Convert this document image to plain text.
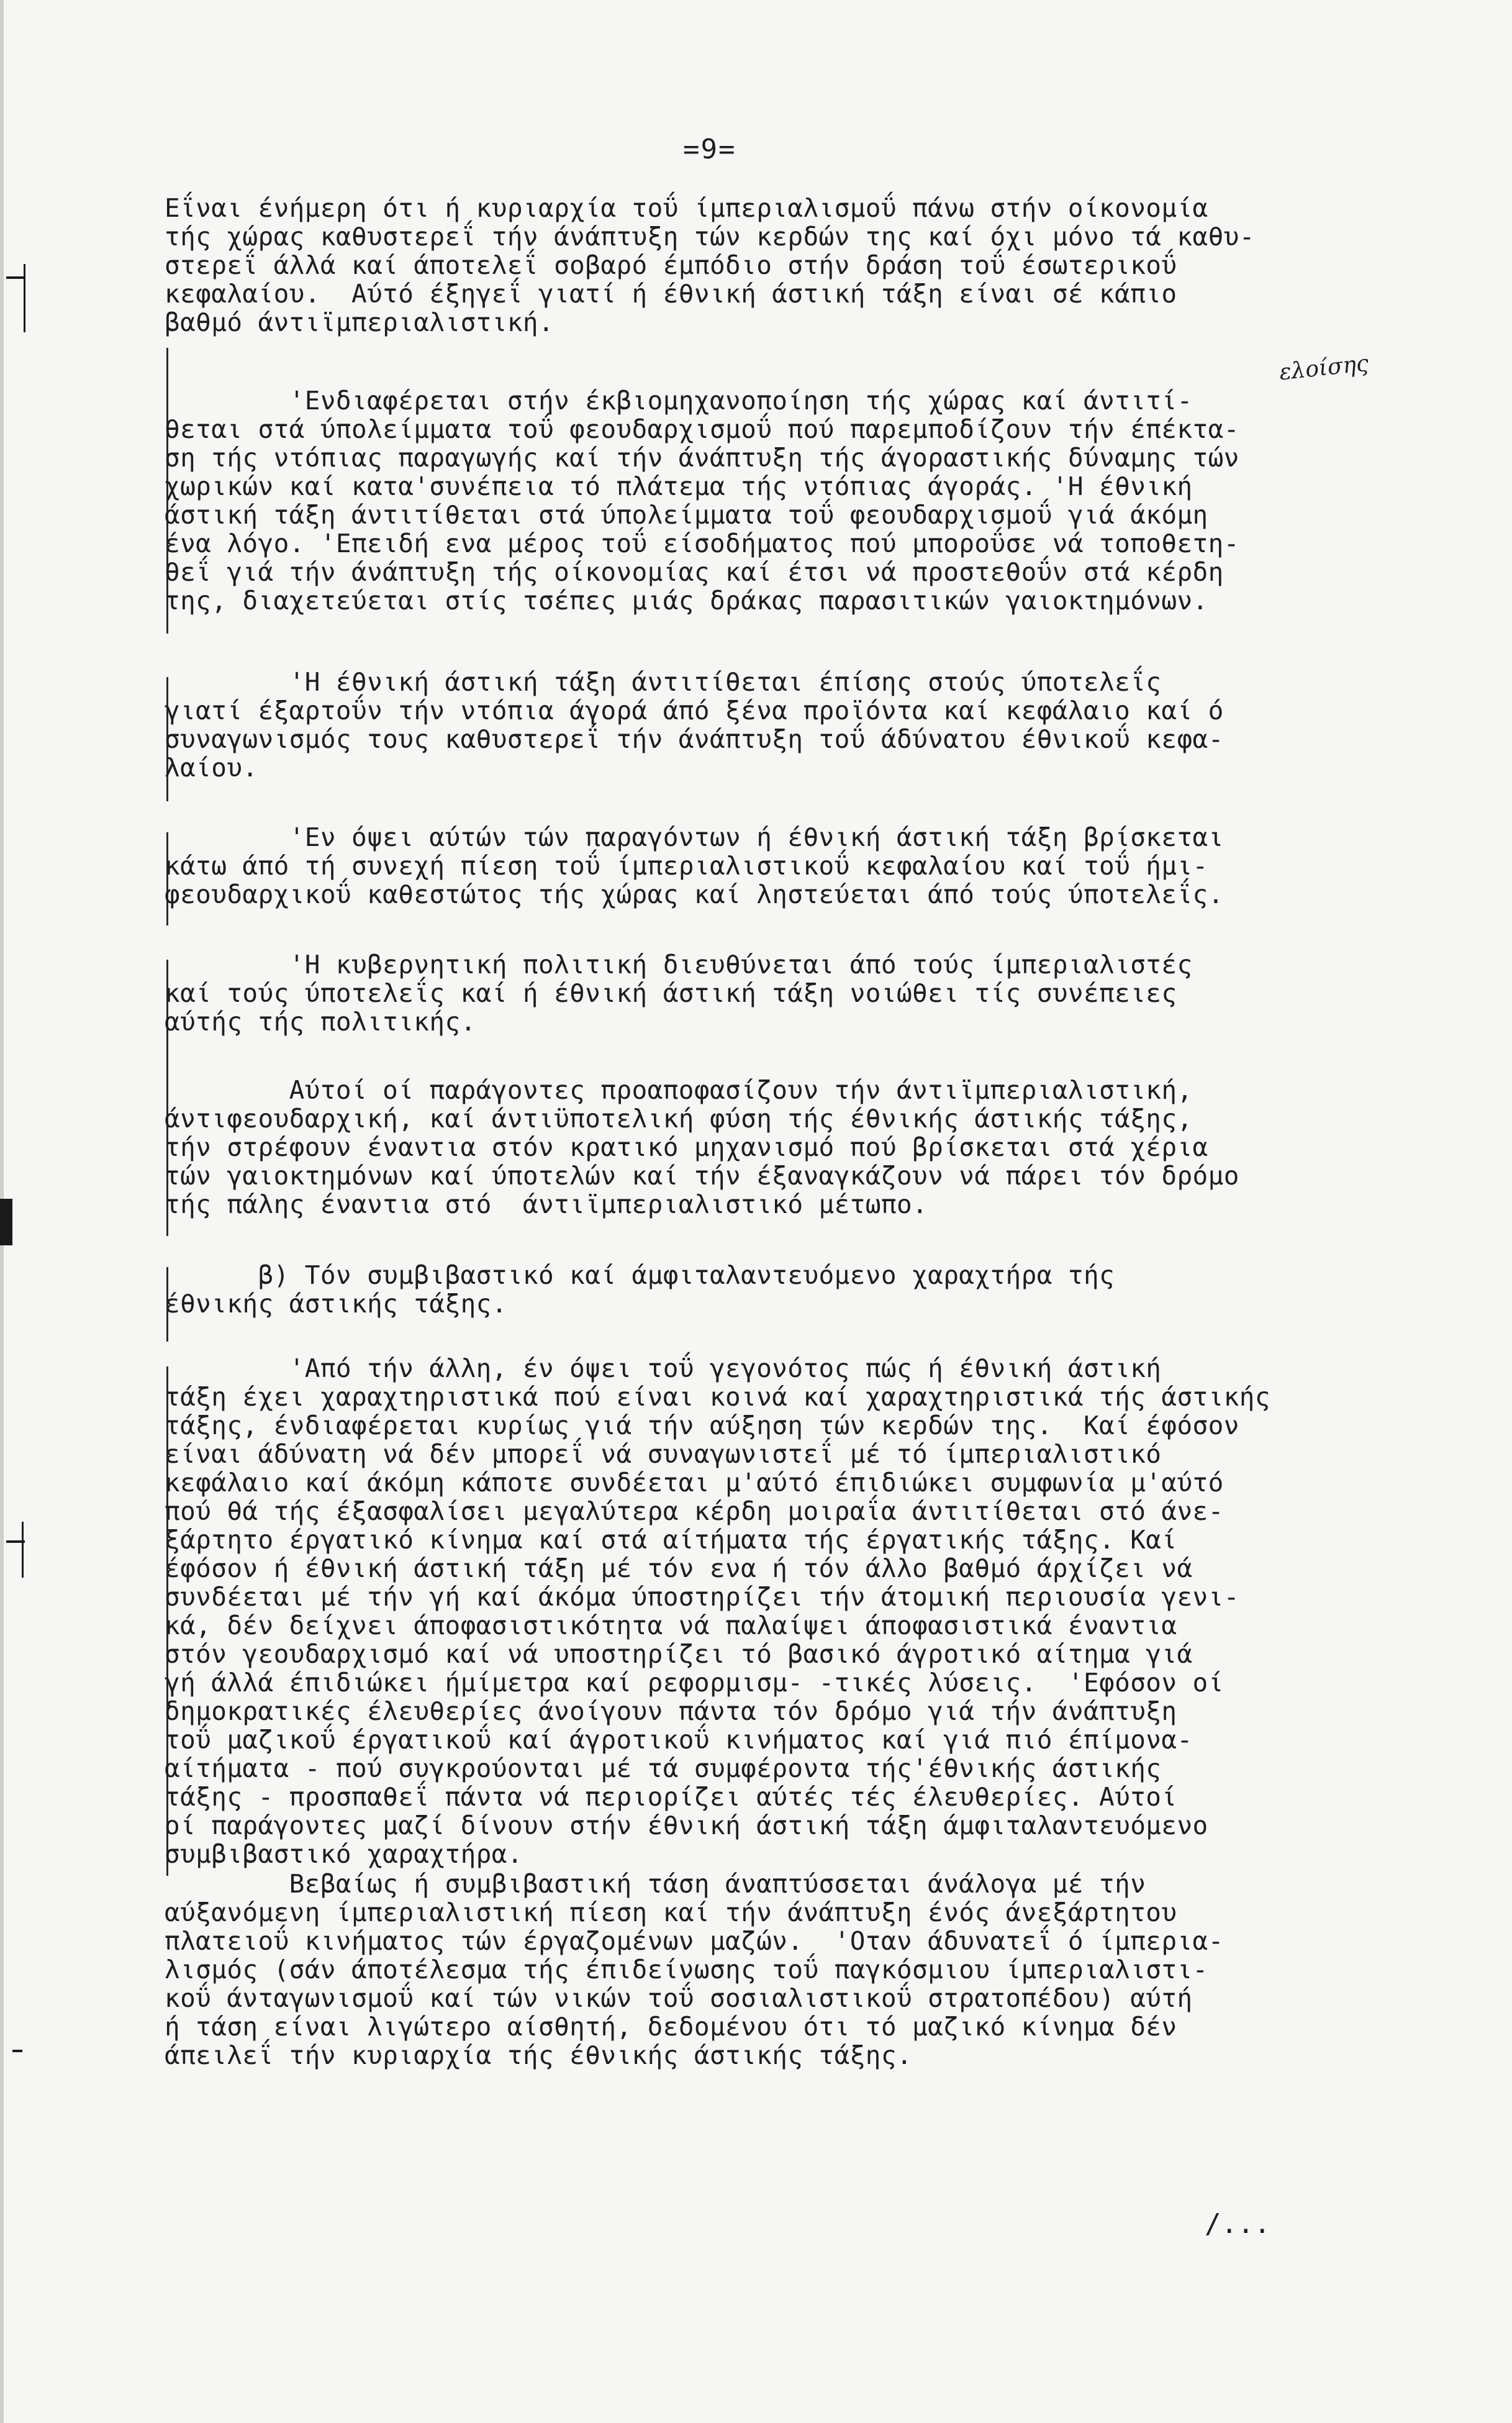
=9=
ελοίσης
Εΐναι ένήμερη ότι ή κυριαρχία τοΰ ίμπεριαλισμοΰ πάνω στήν οίκονομία
τής χώρας καθυστερεΐ τήν άνάπτυξη τών κερδών της καί όχι μόνο τά καθυ-
στερεΐ άλλά καί άποτελεΐ σοβαρό έμπόδιο στήν δράση τοΰ έσωτερικοΰ
κεφαλαίου.  Αύτό έξηγεΐ γιατί ή έθνική άστική τάξη είναι σέ κάπιο
βαθμό άντιϊμπεριαλιστική.
'Ενδιαφέρεται στήν έκβιομηχανοποίηση τής χώρας καί άντιτί-
θεται στά ύπολείμματα τοΰ φεουδαρχισμοΰ πού παρεμποδίζουν τήν έπέκτα-
ση τής ντόπιας παραγωγής καί τήν άνάπτυξη τής άγοραστικής δύναμης τών
χωρικών καί κατα'συνέπεια τό πλάτεμα τής ντόπιας άγοράς. 'Η έθνική
άστική τάξη άντιτίθεται στά ύπολείμματα τοΰ φεουδαρχισμοΰ γιά άκόμη
ένα λόγο. 'Επειδή ενα μέρος τοΰ είσοδήματος πού μποροΰσε νά τοποθετη-
θεΐ γιά τήν άνάπτυξη τής οίκονομίας καί έτσι νά προστεθοΰν στά κέρδη
της, διαχετεύεται στίς τσέπες μιάς δράκας παρασιτικών γαιοκτημόνων.
'Η έθνική άστική τάξη άντιτίθεται έπίσης στούς ύποτελεΐς
γιατί έξαρτοΰν τήν ντόπια άγορά άπό ξένα προϊόντα καί κεφάλαιο καί ό
συναγωνισμός τους καθυστερεΐ τήν άνάπτυξη τοΰ άδύνατου έθνικοΰ κεφα-
λαίου.
'Εν όψει αύτών τών παραγόντων ή έθνική άστική τάξη βρίσκεται
κάτω άπό τή συνεχή πίεση τοΰ ίμπεριαλιστικοΰ κεφαλαίου καί τοΰ ήμι-
φεουδαρχικοΰ καθεστώτος τής χώρας καί ληστεύεται άπό τούς ύποτελεΐς.
'Η κυβερνητική πολιτική διευθύνεται άπό τούς ίμπεριαλιστές
καί τούς ύποτελεΐς καί ή έθνική άστική τάξη νοιώθει τίς συνέπειες
αύτής τής πολιτικής.
Αύτοί οί παράγοντες προαποφασίζουν τήν άντιϊμπεριαλιστική,
άντιφεουδαρχική, καί άντιϋποτελική φύση τής έθνικής άστικής τάξης,
τήν στρέφουν έναντια στόν κρατικό μηχανισμό πού βρίσκεται στά χέρια
τών γαιοκτημόνων καί ύποτελών καί τήν έξαναγκάζουν νά πάρει τόν δρόμο
τής πάλης έναντια στό  άντιϊμπεριαλιστικό μέτωπο.
β) Τόν συμβιβαστικό καί άμφιταλαντευόμενο χαραχτήρα τής
έθνικής άστικής τάξης.
'Από τήν άλλη, έν όψει τοΰ γεγονότος πώς ή έθνική άστική
τάξη έχει χαραχτηριστικά πού είναι κοινά καί χαραχτηριστικά τής άστικής
τάξης, ένδιαφέρεται κυρίως γιά τήν αύξηση τών κερδών της.  Καί έφόσον
είναι άδύνατη νά δέν μπορεΐ νά συναγωνιστεΐ μέ τό ίμπεριαλιστικό
κεφάλαιο καί άκόμη κάποτε συνδέεται μ'αύτό έπιδιώκει συμφωνία μ'αύτό
πού θά τής έξασφαλίσει μεγαλύτερα κέρδη μοιραΐα άντιτίθεται στό άνε-
ξάρτητο έργατικό κίνημα καί στά αίτήματα τής έργατικής τάξης. Καί
έφόσον ή έθνική άστική τάξη μέ τόν ενα ή τόν άλλο βαθμό άρχίζει νά
συνδέεται μέ τήν γή καί άκόμα ύποστηρίζει τήν άτομική περιουσία γενι-
κά, δέν δείχνει άποφασιστικότητα νά παλαίψει άποφασιστικά έναντια
στόν γεουδαρχισμό καί νά υποστηρίζει τό βασικό άγροτικό αίτημα γιά
γή άλλά έπιδιώκει ήμίμετρα καί ρεφορμισμ- -τικές λύσεις.  'Εφόσον οί
δημοκρατικές έλευθερίες άνοίγουν πάντα τόν δρόμο γιά τήν άνάπτυξη
τοΰ μαζικοΰ έργατικοΰ καί άγροτικοΰ κινήματος καί γιά πιό έπίμονα-
αίτήματα - πού συγκρούονται μέ τά συμφέροντα τής'έθνικής άστικής
τάξης - προσπαθεΐ πάντα νά περιορίζει αύτές τές έλευθερίες. Αύτοί
οί παράγοντες μαζί δίνουν στήν έθνική άστική τάξη άμφιταλαντευόμενο
συμβιβαστικό χαραχτήρα.
Βεβαίως ή συμβιβαστική τάση άναπτύσσεται άνάλογα μέ τήν
αύξανόμενη ίμπεριαλιστική πίεση καί τήν άνάπτυξη ένός άνεξάρτητου
πλατειοΰ κινήματος τών έργαζομένων μαζών.  'Οταν άδυνατεΐ ό ίμπερια-
λισμός (σάν άποτέλεσμα τής έπιδείνωσης τοΰ παγκόσμιου ίμπεριαλιστι-
κοΰ άνταγωνισμοΰ καί τών νικών τοΰ σοσιαλιστικοΰ στρατοπέδου) αύτή
ή τάση είναι λιγώτερο αίσθητή, δεδομένου ότι τό μαζικό κίνημα δέν
άπειλεΐ τήν κυριαρχία τής έθνικής άστικής τάξης.
/...
